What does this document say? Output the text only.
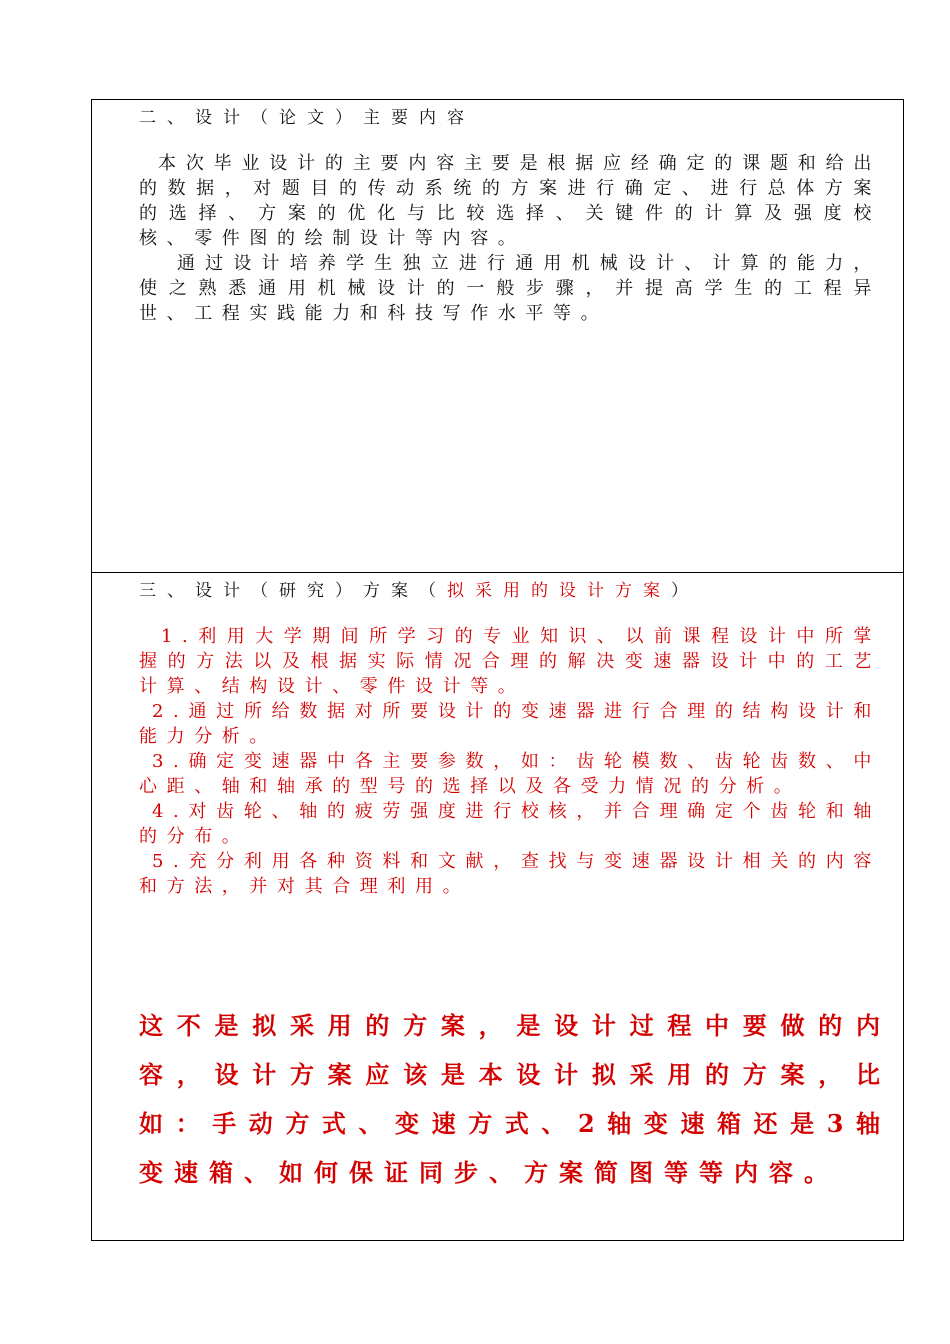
二、设计（论文）主要内容

本次毕业设计的主要内容主要是根据应经确定的课题和给出的数据，对题目的传动系统的方案进行确定、进行总体方案的选择、方案的优化与比较选择、关键件的计算及强度校核、零件图的绘制设计等内容。

通过设计培养学生独立进行通用机械设计、计算的能力，使之熟悉通用机械设计的一般步骤，并提高学生的工程异世、工程实践能力和科技写作水平等。

三、设计（研究）方案（拟采用的设计方案）

1.利用大学期间所学习的专业知识、以前课程设计中所掌握的方法以及根据实际情况合理的解决变速器设计中的工艺计算、结构设计、零件设计等。

2.通过所给数据对所要设计的变速器进行合理的结构设计和能力分析。

3.确定变速器中各主要参数，如：齿轮模数、齿轮齿数、中心距、轴和轴承的型号的选择以及各受力情况的分析。

4.对齿轮、轴的疲劳强度进行校核，并合理确定个齿轮和轴的分布。

5.充分利用各种资料和文献，查找与变速器设计相关的内容和方法，并对其合理利用。

这不是拟采用的方案，是设计过程中要做的内容，设计方案应该是本设计拟采用的方案，比如：手动方式、变速方式、2轴变速箱还是3轴变速箱、如何保证同步、方案简图等等内容。
